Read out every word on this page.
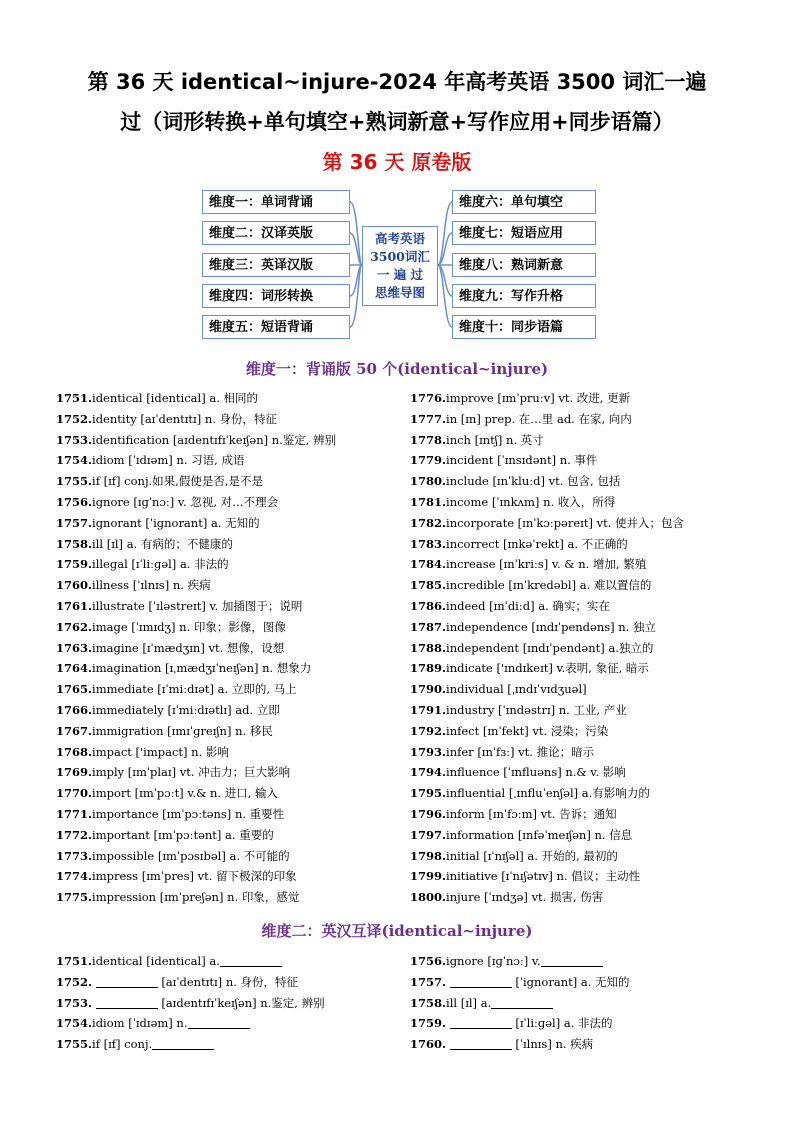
第 36 天 identical~injure-2024 年高考英语 3500 词汇一遍
过（词形转换+单句填空+熟词新意+写作应用+同步语篇）
第 36 天 原卷版
维度一：单词背诵
维度二：汉译英版
维度三：英译汉版
维度四：词形转换
维度五：短语背诵
高考英语
3500词汇
一 遍 过
思维导图
维度六：单句填空
维度七：短语应用
维度八：熟词新意
维度九：写作升格
维度十：同步语篇
维度一：背诵版 50 个(identical~injure)
1751.identical [identical] a. 相同的
1752.identity [aɪˈdentɪtɪ] n. 身份，特征
1753.identification [aɪdentɪfɪˈkeɪʃən] n.鉴定, 辨别
1754.idiom [ˈɪdɪəm] n. 习语, 成语
1755.if [ɪf] conj.如果,假使是否,是不是
1756.ignore [ɪɡˈnɔː] v. 忽视, 对…不理会
1757.ignorant [ˈignorant] a. 无知的
1758.ill [ɪl] a. 有病的；不健康的
1759.illegal [ɪˈliːɡəl] a. 非法的
1760.illness [ˈɪlnɪs] n. 疾病
1761.illustrate [ˈɪləstreɪt] v. 加插图于；说明
1762.image [ˈɪmɪdʒ] n. 印象；影像，图像
1763.imagine [ɪˈmædʒɪn] vt. 想像，设想
1764.imagination [ɪˌmædʒɪˈneɪʃən] n. 想象力
1765.immediate [ɪˈmiːdɪət] a. 立即的, 马上
1766.immediately [ɪˈmiːdɪətlɪ] ad. 立即
1767.immigration [ɪmɪˈgreɪʃn] n. 移民
1768.impact ['impact] n. 影响
1769.imply [ɪmˈplaɪ] vt. 冲击力；巨大影响
1770.import [ɪmˈpɔːt] v.& n. 进口, 输入
1771.importance [ɪmˈpɔːtəns] n. 重要性
1772.important [ɪmˈpɔːtənt] a. 重要的
1773.impossible [ɪmˈpɔsɪbəl] a. 不可能的
1774.impress [ɪmˈpres] vt. 留下极深的印象
1775.impression [ɪmˈpreʃən] n. 印象，感觉
1776.improve [ɪmˈpruːv] vt. 改进, 更新
1777.in [ɪn] prep. 在…里 ad. 在家, 向内
1778.inch [ɪntʃ] n. 英寸
1779.incident [ˈɪnsɪdənt] n. 事件
1780.include [ɪnˈkluːd] vt. 包含, 包括
1781.income [ˈɪnkʌm] n. 收入，所得
1782.incorporate [ɪnˈkɔːpəreɪt] vt. 使并入；包含
1783.incorrect [ɪnkəˈrekt] a. 不正确的
1784.increase [ɪnˈkriːs] v. & n. 增加, 繁殖
1785.incredible [ɪnˈkredəbl] a. 难以置信的
1786.indeed [ɪnˈdiːd] a. 确实；实在
1787.independence [ɪndɪˈpendəns] n. 独立
1788.independent [ɪndɪˈpendənt] a.独立的
1789.indicate ['ɪndɪkeɪt] v.表明, 象征, 暗示
1790.individual [ˌɪndɪˈvɪdʒuəl]
1791.industry [ˈɪndəstrɪ] n. 工业, 产业
1792.infect [ɪnˈfekt] vt. 浸染；污染
1793.infer [ɪnˈfɜː] vt. 推论；暗示
1794.influence [ˈɪnfluəns] n.& v. 影响
1795.influential [ˌɪnfluˈenʃəl] a.有影响力的
1796.inform [ɪnˈfɔːm] vt. 告诉；通知
1797.information [ɪnfəˈmeɪʃən] n. 信息
1798.initial [ɪˈnɪʃəl] a. 开始的, 最初的
1799.initiative [ɪˈnɪʃətɪv] n. 倡议；主动性
1800.injure [ˈɪndʒə] vt. 损害, 伤害
维度二：英汉互译(identical~injure)
1751.identical [identical] a.
1752.	[aɪˈdentɪtɪ] n. 身份，特征
1753.	[aɪdentɪfɪˈkeɪʃən] n.鉴定, 辨别
1754.idiom [ˈɪdɪəm] n.
1755.if [ɪf] conj.
1756.ignore [ɪɡˈnɔː] v.
1757.	[ˈignorant] a. 无知的
1758.ill [ɪl] a.
1759.	[ɪˈliːɡəl] a. 非法的
1760.	[ˈɪlnɪs] n. 疾病
